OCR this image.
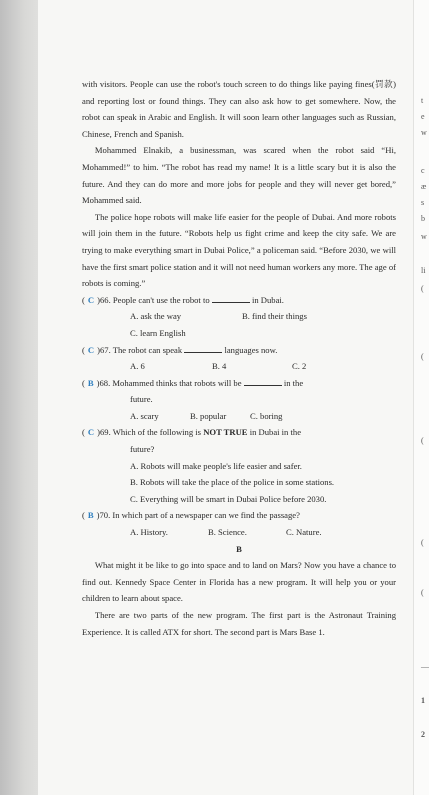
t
e
w
c
æ
s
b
w
li
(
(
(
(
(
—
1
2

with visitors. People can use the robot's touch screen to do things like paying fines(罚款) and reporting lost or found things. They can also ask how to get somewhere. Now, the robot can speak in Arabic and English. It will soon learn other languages such as Russian, Chinese, French and Spanish.

Mohammed Elnakib, a businessman, was scared when the robot said “Hi, Mohammed!” to him. “The robot has read my name! It is a little scary but it is also the future. And they can do more and more jobs for people and they will never get bored,” Mohammed said.

The police hope robots will make life easier for the people of Dubai. And more robots will join them in the future. “Robots help us fight crime and keep the city safe. We are trying to make everything smart in Dubai Police,” a policeman said. “Before 2030, we will have the first smart police station and it will not need human workers any more. The age of robots is coming.”

( C )66. People can't use the robot to	in Dubai.
A. ask the way	B. find their things
C. learn English
( C )67. The robot can speak	languages now.
A. 6	B. 4	C. 2
( B )68. Mohammed thinks that robots will be	in the
future.
A. scary	B. popular	C. boring
( C )69. Which of the following is NOT TRUE in Dubai in the
future?
A. Robots will make people's life easier and safer.
B. Robots will take the place of the police in some stations.
C. Everything will be smart in Dubai Police before 2030.
( B )70. In which part of a newspaper can we find the passage?
A. History.	B. Science.	C. Nature.

B

What might it be like to go into space and to land on Mars? Now you have a chance to find out. Kennedy Space Center in Florida has a new program. It will help you or your children to learn about space.

There are two parts of the new program. The first part is the Astronaut Training Experience. It is called ATX for short. The second part is Mars Base 1.
